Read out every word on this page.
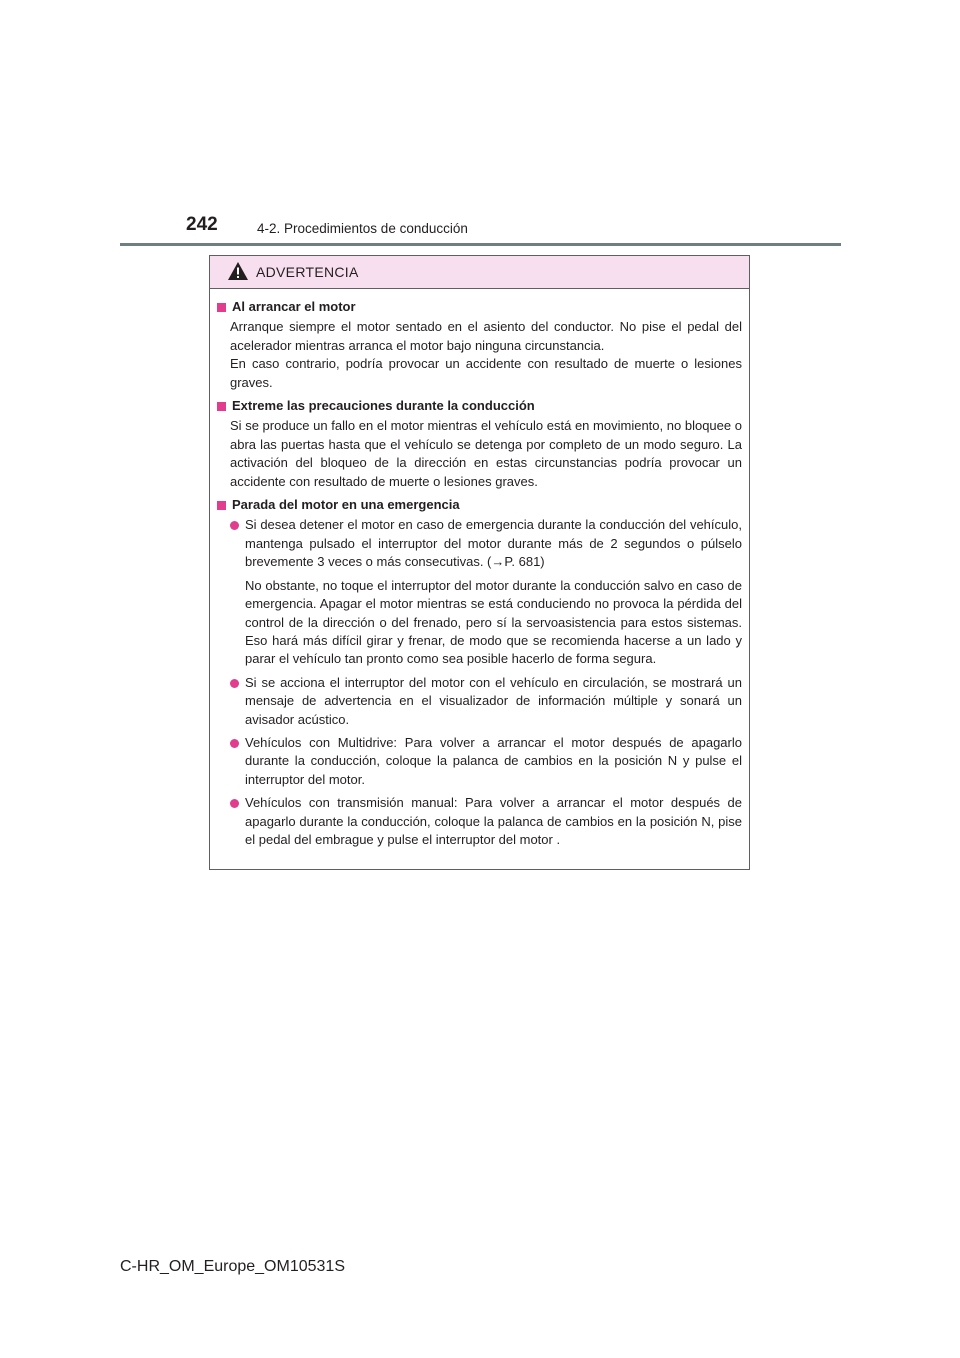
242	4-2. Procedimientos de conducción
ADVERTENCIA
Al arrancar el motor
Arranque siempre el motor sentado en el asiento del conductor. No pise el pedal del acelerador mientras arranca el motor bajo ninguna circunstancia.
En caso contrario, podría provocar un accidente con resultado de muerte o lesiones graves.
Extreme las precauciones durante la conducción
Si se produce un fallo en el motor mientras el vehículo está en movimiento, no bloquee o abra las puertas hasta que el vehículo se detenga por completo de un modo seguro. La activación del bloqueo de la dirección en estas circunstancias podría provocar un accidente con resultado de muerte o lesiones graves.
Parada del motor en una emergencia
Si desea detener el motor en caso de emergencia durante la conducción del vehículo, mantenga pulsado el interruptor del motor durante más de 2 segundos o púlselo brevemente 3 veces o más consecutivas. (→P. 681)
No obstante, no toque el interruptor del motor durante la conducción salvo en caso de emergencia. Apagar el motor mientras se está conduciendo no provoca la pérdida del control de la dirección o del frenado, pero sí la servoasistencia para estos sistemas. Eso hará más difícil girar y frenar, de modo que se recomienda hacerse a un lado y parar el vehículo tan pronto como sea posible hacerlo de forma segura.
Si se acciona el interruptor del motor con el vehículo en circulación, se mostrará un mensaje de advertencia en el visualizador de información múltiple y sonará un avisador acústico.
Vehículos con Multidrive: Para volver a arrancar el motor después de apagarlo durante la conducción, coloque la palanca de cambios en la posición N y pulse el interruptor del motor.
Vehículos con transmisión manual: Para volver a arrancar el motor después de apagarlo durante la conducción, coloque la palanca de cambios en la posición N, pise el pedal del embrague y pulse el interruptor del motor .
C-HR_OM_Europe_OM10531S
